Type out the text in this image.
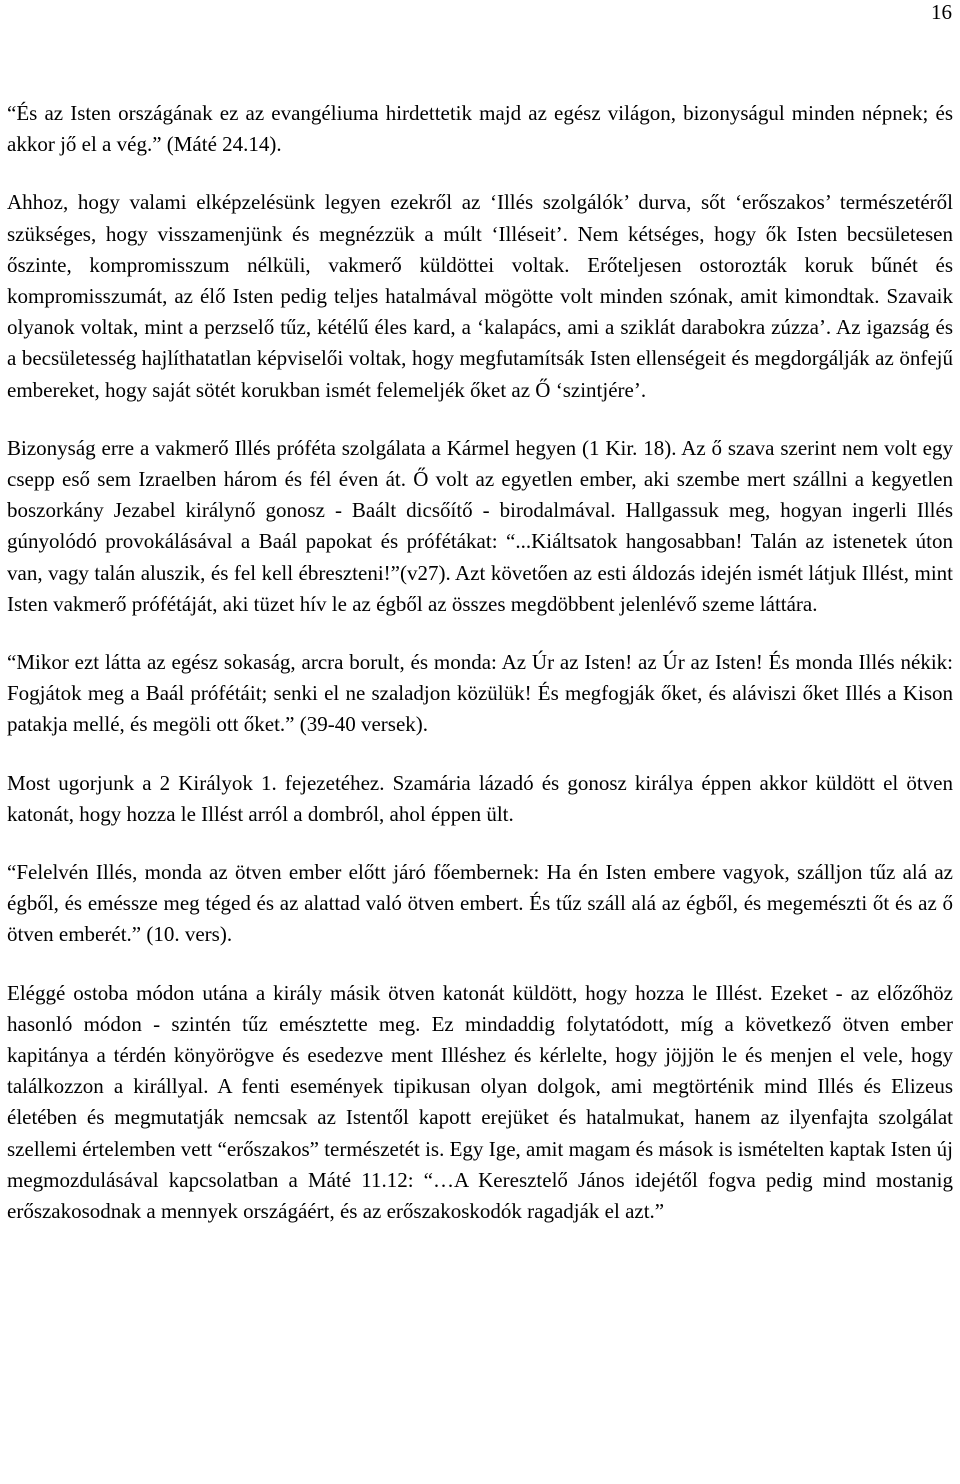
16

“És az Isten országának ez az evangéliuma hirdettetik majd az egész világon, bizonyságul minden népnek; és akkor jő el a vég.” (Máté 24.14).

Ahhoz, hogy valami elképzelésünk legyen ezekről az ‘Illés szolgálók’ durva, sőt ‘erőszakos’ természetéről szükséges, hogy visszamenjünk és megnézzük a múlt ‘Illéseit’. Nem kétséges, hogy ők Isten becsületesen őszinte, kompromisszum nélküli, vakmerő küldöttei voltak. Erőteljesen ostorozták koruk bűnét és kompromisszumát, az élő Isten pedig teljes hatalmával mögötte volt minden szónak, amit kimondtak. Szavaik olyanok voltak, mint a perzselő tűz, kétélű éles kard, a ‘kalapács, ami a sziklát darabokra zúzza’. Az igazság és a becsületesség hajlíthatatlan képviselői voltak, hogy megfutamítsák Isten ellenségeit és megdorgálják az önfejű embereket, hogy saját sötét korukban ismét felemeljék őket az Ő ‘szintjére’.

Bizonyság erre a vakmerő Illés próféta szolgálata a Kármel hegyen (1 Kir. 18). Az ő szava szerint nem volt egy csepp eső sem Izraelben három és fél éven át. Ő volt az egyetlen ember, aki szembe mert szállni a kegyetlen boszorkány Jezabel királynő gonosz - Baált dicsőítő - birodalmával. Hallgassuk meg, hogyan ingerli Illés gúnyolódó provokálásával a Baál papokat és prófétákat: “...Kiáltsatok hangosabban! Talán az istenetek úton van, vagy talán aluszik, és fel kell ébreszteni!”(v27). Azt követően az esti áldozás idején ismét látjuk Illést, mint Isten vakmerő prófétáját, aki tüzet hív le az égből az összes megdöbbent jelenlévő szeme láttára.

“Mikor ezt látta az egész sokaság, arcra borult, és monda: Az Úr az Isten! az Úr az Isten! És monda Illés nékik: Fogjátok meg a Baál prófétáit; senki el ne szaladjon közülük! És megfogják őket, és aláviszi őket Illés a Kison patakja mellé, és megöli ott őket.” (39-40 versek).

Most ugorjunk a 2 Királyok 1. fejezetéhez. Szamária lázadó és gonosz királya éppen akkor küldött el ötven katonát, hogy hozza le Illést arról a dombról, ahol éppen ült.

“Felelvén Illés, monda az ötven ember előtt járó főembernek: Ha én Isten embere vagyok, szálljon tűz alá az égből, és eméssze meg téged és az alattad való ötven embert. És tűz száll alá az égből, és megemészti őt és az ő ötven emberét.” (10. vers).

Eléggé ostoba módon utána a király másik ötven katonát küldött, hogy hozza le Illést. Ezeket - az előzőhöz hasonló módon - szintén tűz emésztette meg. Ez mindaddig folytatódott, míg a következő ötven ember kapitánya a térdén könyörögve és esedezve ment Illéshez és kérlelte, hogy jöjjön le és menjen el vele, hogy találkozzon a királlyal. A fenti események tipikusan olyan dolgok, ami megtörténik mind Illés és Elizeus életében és megmutatják nemcsak az Istentől kapott erejüket és hatalmukat, hanem az ilyenfajta szolgálat szellemi értelemben vett “erőszakos” természetét is. Egy Ige, amit magam és mások is ismételten kaptak Isten új megmozdulásával kapcsolatban a Máté 11.12: “…A Keresztelő János idejétől fogva pedig mind mostanig erőszakosodnak a mennyek országáért, és az erőszakoskodók ragadják el azt.”
